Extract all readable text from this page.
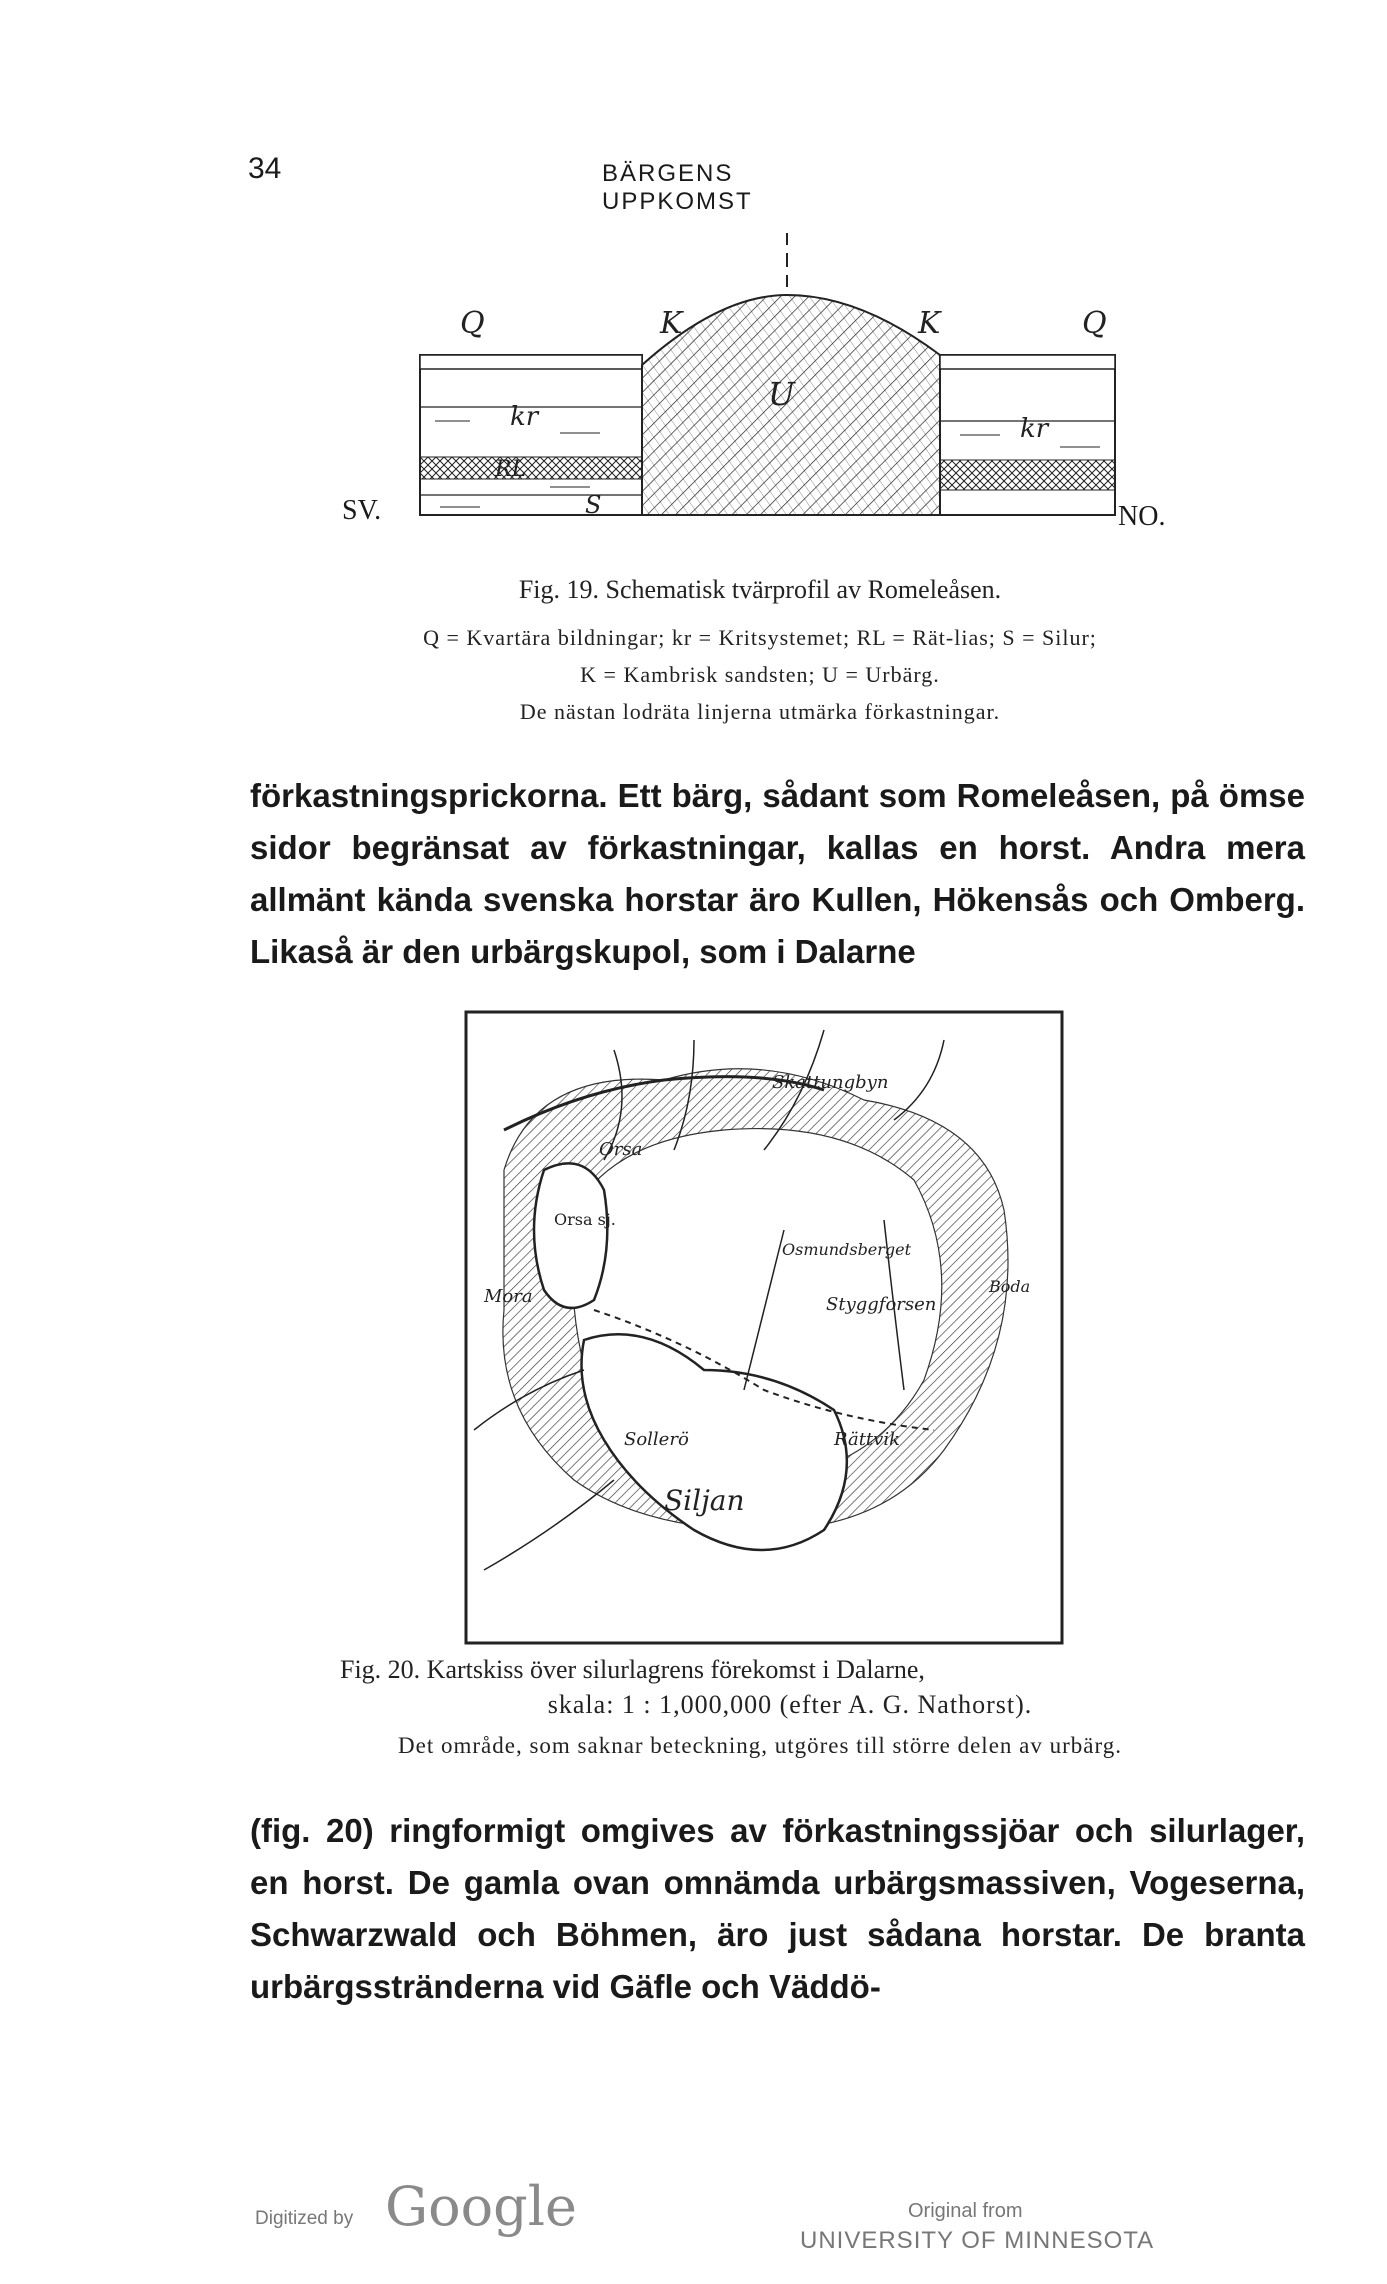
34	BÄRGENS UPPKOMST
SV.	NO.
Q	K	K	Q
kr	kr
U
RL
S
Fig. 19. Schematisk tvärprofil av Romeleåsen.
Q = Kvartära bildningar; kr = Kritsystemet; RL = Rät-lias; S = Silur;
K = Kambrisk sandsten; U = Urbärg.
De nästan lodräta linjerna utmärka förkastningar.

förkastningsprickorna. Ett bärg, sådant som Romeleåsen, på ömse sidor begränsat av förkastningar, kallas en horst. Andra mera allmänt kända svenska horstar äro Kullen, Hökensås och Omberg. Likaså är den urbärgskupol, som i Dalarne

Skattungbyn
Orsa
Orsa sj.
Osmundsberget
Styggforsen
Boda
Mora
Sollerö	Rättvik
Siljan
Fig. 20. Kartskiss över silurlagrens förekomst i Dalarne,
skala: 1 : 1,000,000 (efter A. G. Nathorst).
Det område, som saknar beteckning, utgöres till större delen av urbärg.

(fig. 20) ringformigt omgives av förkastningssjöar och silurlager, en horst. De gamla ovan omnämda urbärgsmassiven, Vogeserna, Schwarzwald och Böhmen, äro just sådana horstar. De branta urbärgsstränderna vid Gäfle och Väddö-

Digitized by Google	Original from
UNIVERSITY OF MINNESOTA
